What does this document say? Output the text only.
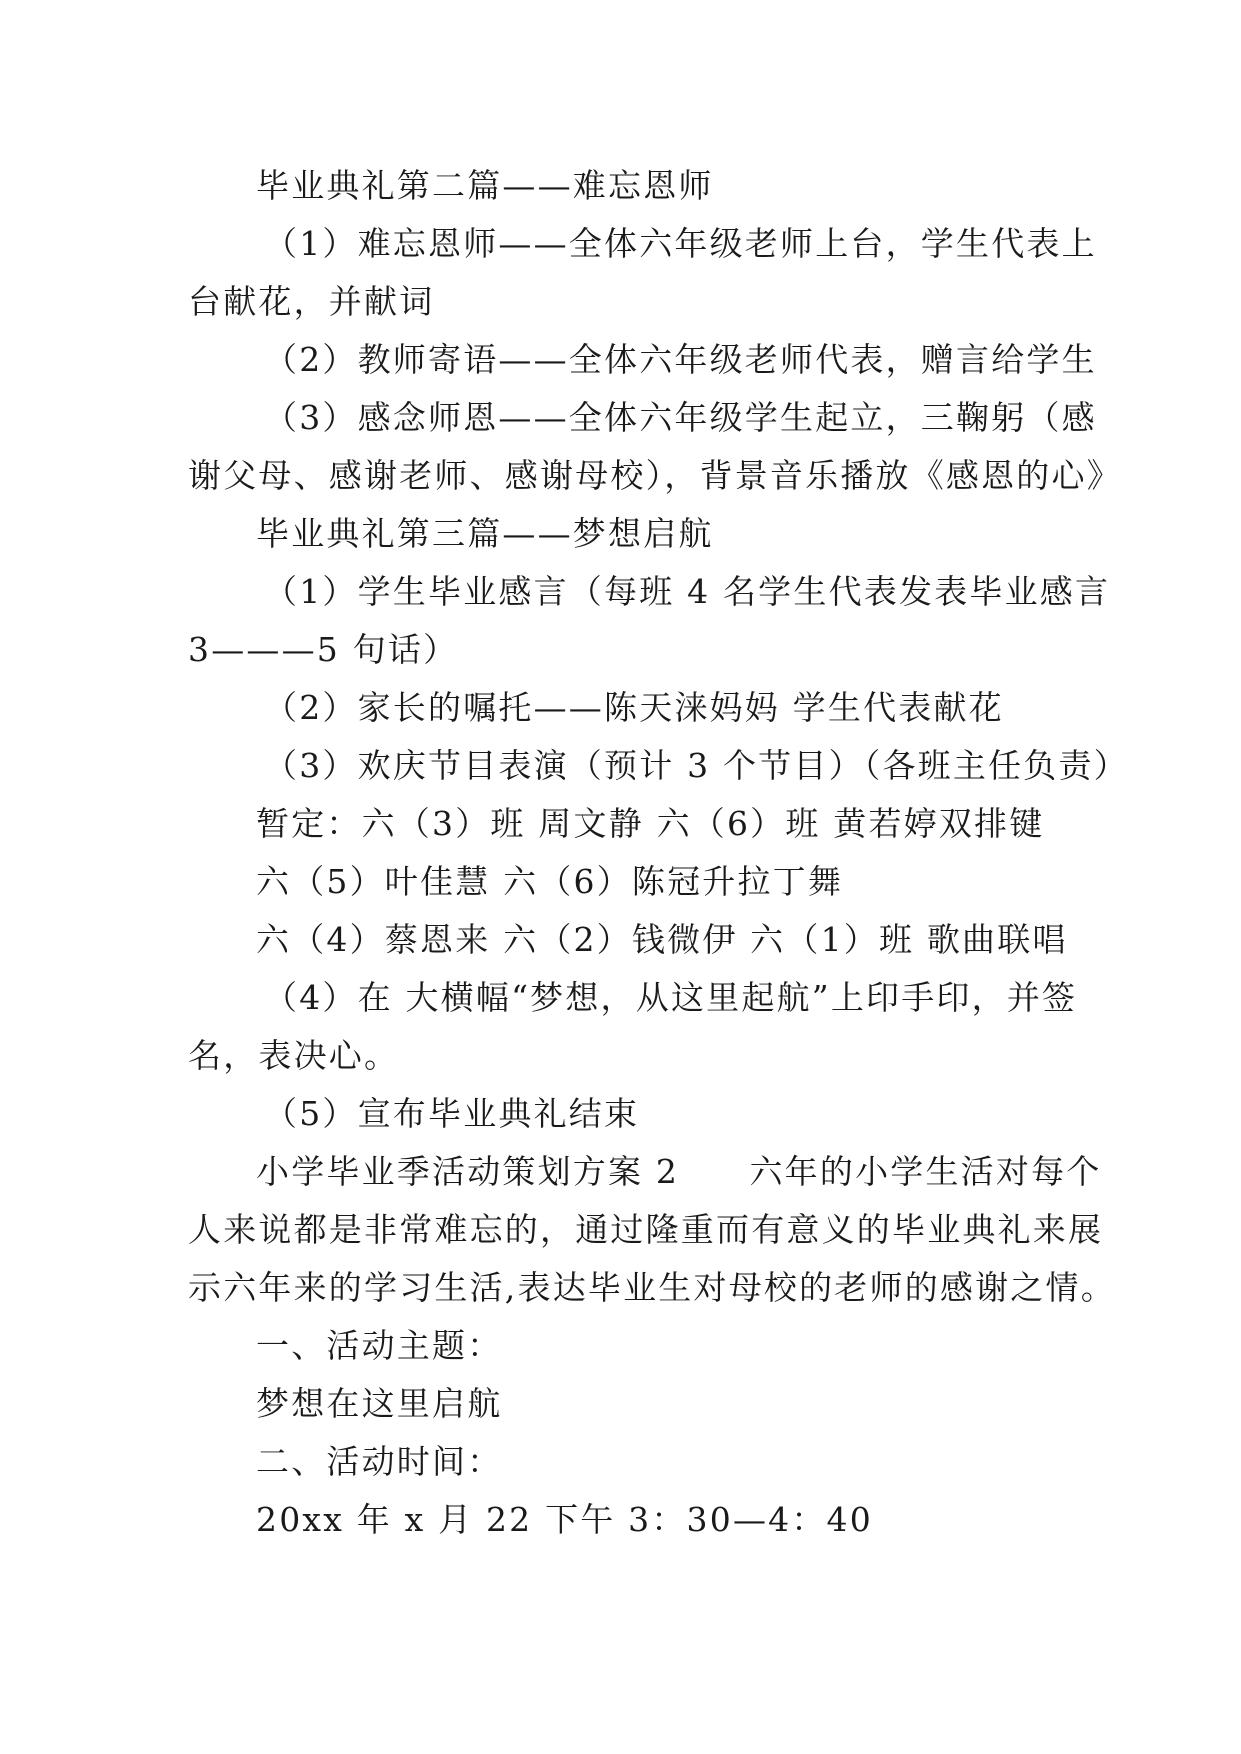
毕业典礼第二篇——难忘恩师
（1）难忘恩师——全体六年级老师上台，学生代表上
台献花，并献词
（2）教师寄语——全体六年级老师代表，赠言给学生
（3）感念师恩——全体六年级学生起立，三鞠躬（感
谢父母、感谢老师、感谢母校），背景音乐播放《感恩的心》
毕业典礼第三篇——梦想启航
（1）学生毕业感言（每班 4 名学生代表发表毕业感言
3———5 句话）
（2）家长的嘱托——陈天涞妈妈 学生代表献花
（3）欢庆节目表演（预计 3 个节目）（各班主任负责）
暂定：六（3）班 周文静 六（6）班 黄若婷双排键
六（5）叶佳慧 六（6）陈冠升拉丁舞
六（4）蔡恩来 六（2）钱微伊 六（1）班 歌曲联唱
（4）在 大横幅“梦想，从这里起航”上印手印，并签
名，表决心。
（5）宣布毕业典礼结束
小学毕业季活动策划方案 2　　六年的小学生活对每个
人来说都是非常难忘的，通过隆重而有意义的毕业典礼来展
示六年来的学习生活,表达毕业生对母校的老师的感谢之情。
一、活动主题：
梦想在这里启航
二、活动时间：
20xx 年 x 月 22 下午 3：30—4：40
